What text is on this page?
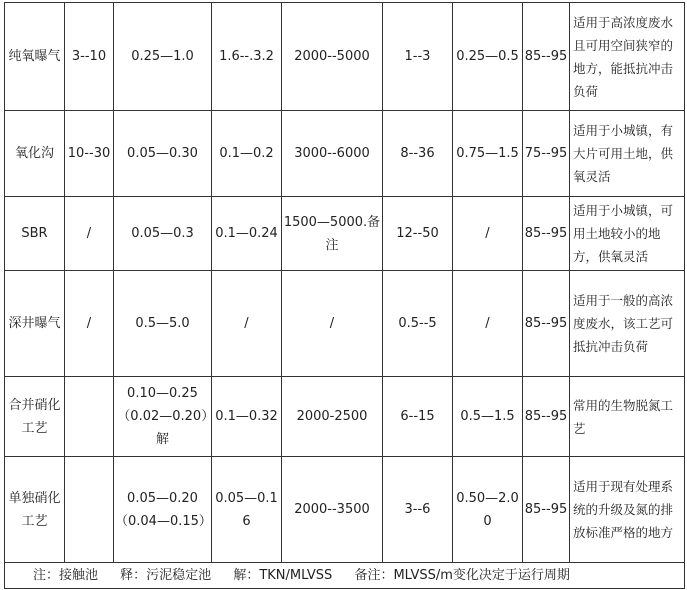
纯氧曝气	3--10	0.25—1.0	1.6--.3.2	2000--5000	1--3	0.25—0.5	85--95	适用于高浓度废水且可用空间狭窄的地方，能抵抗冲击负荷
氧化沟	10--30	0.05—0.30	0.1—0.2	3000--6000	8--36	0.75—1.5	75--95	适用于小城镇，有大片可用土地，供氧灵活
SBR	/	0.05—0.3	0.1—0.24	1500—5000.备注	12--50	/	85--95	适用于小城镇，可用土地较小的地方，供氧灵活
深井曝气	/	0.5—5.0	/	/	0.5--5	/	85--95	适用于一般的高浓度废水，该工艺可抵抗冲击负荷
合并硝化工艺		0.10—0.25（0.02—0.20）解	0.1—0.32	2000-2500	6--15	0.5—1.5	85--95	常用的生物脱氮工艺
单独硝化工艺		0.05—0.20（0.04—0.15）	0.05—0.16	2000--3500	3--6	0.50—2.00	85--95	适用于现有处理系统的升级及氮的排放标准严格的地方
注：接触池 释：污泥稳定池 解：TKN/MLVSS 备注：MLVSS/m变化决定于运行周期								
